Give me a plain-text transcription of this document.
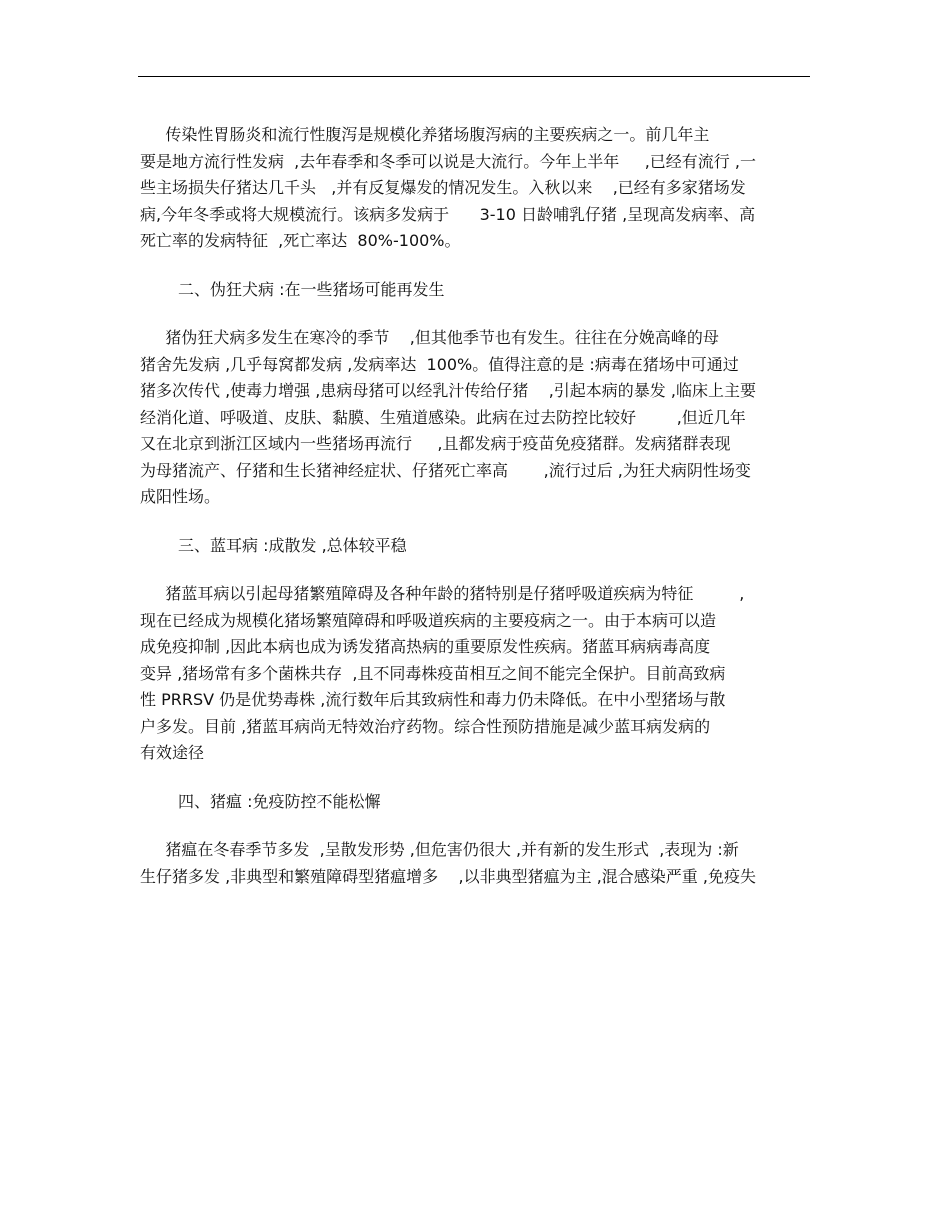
传染性胃肠炎和流行性腹泻是规模化养猪场腹泻病的主要疾病之一。前几年主
要是地方流行性发病  ,去年春季和冬季可以说是大流行。今年上半年     ,已经有流行 ,一
些主场损失仔猪达几千头   ,并有反复爆发的情况发生。入秋以来    ,已经有多家猪场发
病,今年冬季或将大规模流行。该病多发病于      3-10 日龄哺乳仔猪 ,呈现高发病率、高
死亡率的发病特征  ,死亡率达  80%-100%。
二、伪狂犬病 :在一些猪场可能再发生
猪伪狂犬病多发生在寒冷的季节    ,但其他季节也有发生。往往在分娩高峰的母
猪舍先发病 ,几乎每窝都发病 ,发病率达  100%。值得注意的是 :病毒在猪场中可通过
猪多次传代 ,使毒力增强 ,患病母猪可以经乳汁传给仔猪    ,引起本病的暴发 ,临床上主要
经消化道、呼吸道、皮肤、黏膜、生殖道感染。此病在过去防控比较好        ,但近几年
又在北京到浙江区域内一些猪场再流行     ,且都发病于疫苗免疫猪群。发病猪群表现
为母猪流产、仔猪和生长猪神经症状、仔猪死亡率高       ,流行过后 ,为狂犬病阴性场变
成阳性场。
三、蓝耳病 :成散发 ,总体较平稳
猪蓝耳病以引起母猪繁殖障碍及各种年龄的猪特别是仔猪呼吸道疾病为特征         ,
现在已经成为规模化猪场繁殖障碍和呼吸道疾病的主要疫病之一。由于本病可以造
成免疫抑制 ,因此本病也成为诱发猪高热病的重要原发性疾病。猪蓝耳病病毒高度
变异 ,猪场常有多个菌株共存  ,且不同毒株疫苗相互之间不能完全保护。目前高致病
性 PRRSV 仍是优势毒株 ,流行数年后其致病性和毒力仍未降低。在中小型猪场与散
户多发。目前 ,猪蓝耳病尚无特效治疗药物。综合性预防措施是减少蓝耳病发病的
有效途径
四、猪瘟 :免疫防控不能松懈
猪瘟在冬春季节多发  ,呈散发形势 ,但危害仍很大 ,并有新的发生形式  ,表现为 :新
生仔猪多发 ,非典型和繁殖障碍型猪瘟增多    ,以非典型猪瘟为主 ,混合感染严重 ,免疫失
